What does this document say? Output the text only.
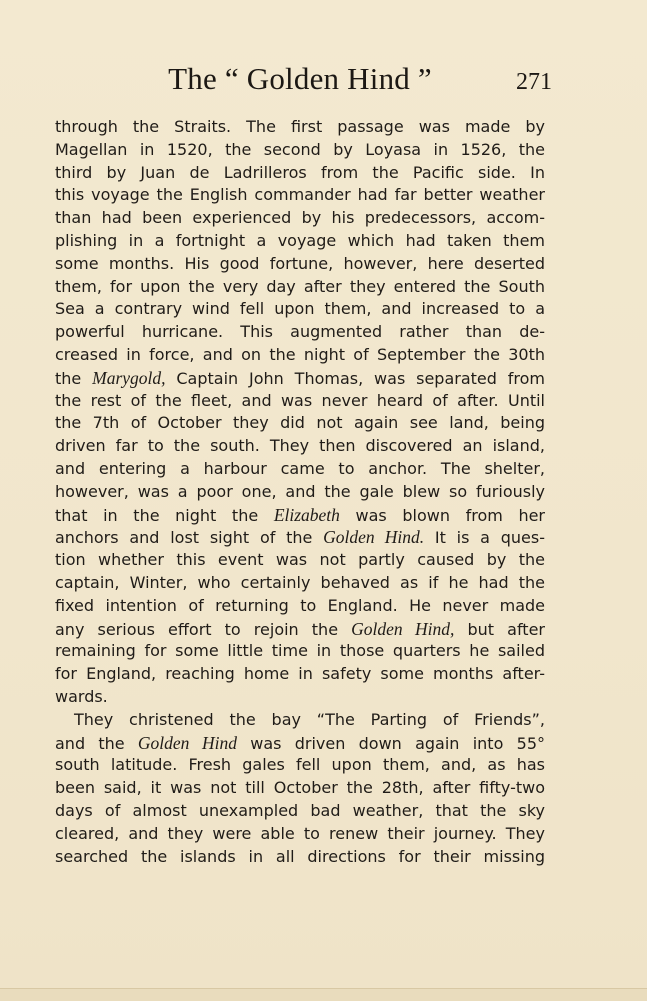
The “ Golden Hind ”	271
through the Straits. The first passage was made by
Magellan in 1520, the second by Loyasa in 1526, the
third by Juan de Ladrilleros from the Pacific side. In
this voyage the English commander had far better weather
than had been experienced by his predecessors, accom-
plishing in a fortnight a voyage which had taken them
some months. His good fortune, however, here deserted
them, for upon the very day after they entered the South
Sea a contrary wind fell upon them, and increased to a
powerful hurricane. This augmented rather than de-
creased in force, and on the night of September the 30th
the Marygold, Captain John Thomas, was separated from
the rest of the fleet, and was never heard of after. Until
the 7th of October they did not again see land, being
driven far to the south. They then discovered an island,
and entering a harbour came to anchor. The shelter,
however, was a poor one, and the gale blew so furiously
that in the night the Elizabeth was blown from her
anchors and lost sight of the Golden Hind. It is a ques-
tion whether this event was not partly caused by the
captain, Winter, who certainly behaved as if he had the
fixed intention of returning to England. He never made
any serious effort to rejoin the Golden Hind, but after
remaining for some little time in those quarters he sailed
for England, reaching home in safety some months after-
wards.
They christened the bay “The Parting of Friends”,
and the Golden Hind was driven down again into 55°
south latitude. Fresh gales fell upon them, and, as has
been said, it was not till October the 28th, after fifty-two
days of almost unexampled bad weather, that the sky
cleared, and they were able to renew their journey. They
searched the islands in all directions for their missing
